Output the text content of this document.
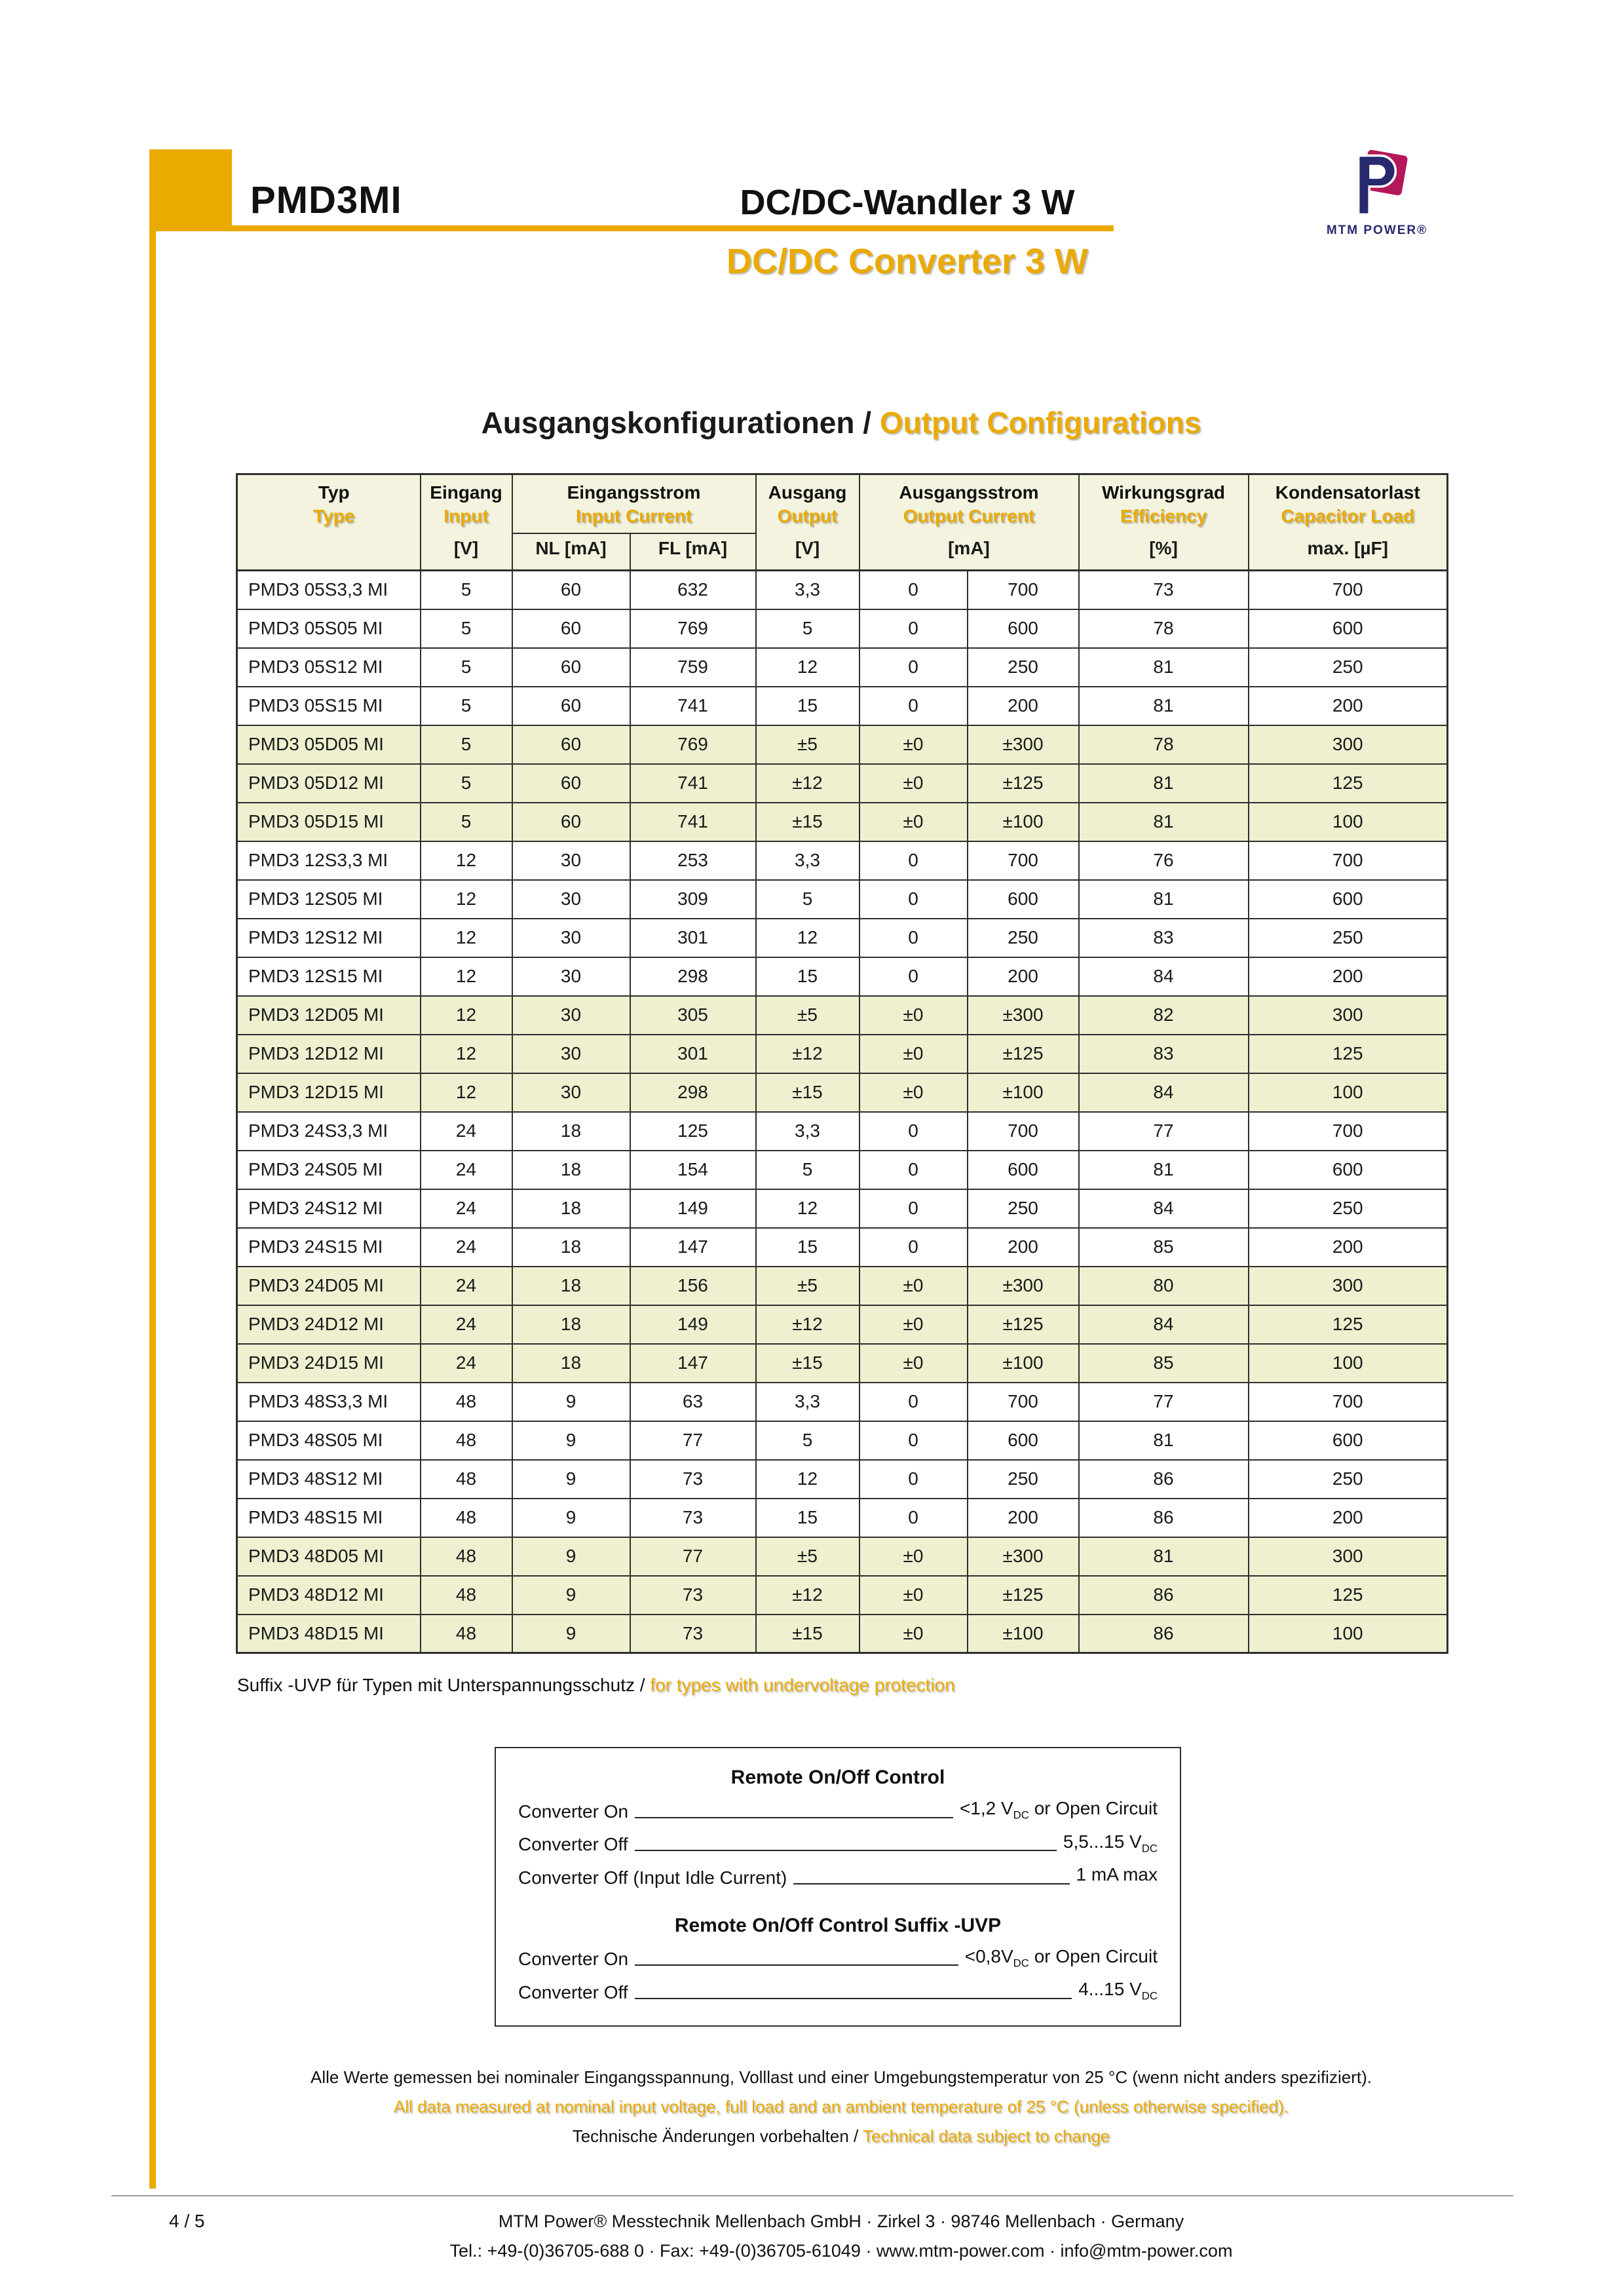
PMD3MI	DC/DC-Wandler 3 W
DC/DC Converter 3 W
MTM POWER®
Ausgangskonfigurationen / Output Configurations
Typ
Type

Eingang
Input

Eingangsstrom
Input Current

Ausgang
Output

Ausgangsstrom
Output Current

Wirkungsgrad
Efficiency

Kondensatorlast
Capacitor Load

	[V]	NL [mA]	FL [mA]	[V]	[mA]		[%]	max. [µF]
PMD3 05S3,3 MI	5	60	632	3,3	0	700	73	700
PMD3 05S05 MI	5	60	769	5	0	600	78	600
PMD3 05S12 MI	5	60	759	12	0	250	81	250
PMD3 05S15 MI	5	60	741	15	0	200	81	200
PMD3 05D05 MI	5	60	769	±5	±0	±300	78	300
PMD3 05D12 MI	5	60	741	±12	±0	±125	81	125
PMD3 05D15 MI	5	60	741	±15	±0	±100	81	100
PMD3 12S3,3 MI	12	30	253	3,3	0	700	76	700
PMD3 12S05 MI	12	30	309	5	0	600	81	600
PMD3 12S12 MI	12	30	301	12	0	250	83	250
PMD3 12S15 MI	12	30	298	15	0	200	84	200
PMD3 12D05 MI	12	30	305	±5	±0	±300	82	300
PMD3 12D12 MI	12	30	301	±12	±0	±125	83	125
PMD3 12D15 MI	12	30	298	±15	±0	±100	84	100
PMD3 24S3,3 MI	24	18	125	3,3	0	700	77	700
PMD3 24S05 MI	24	18	154	5	0	600	81	600
PMD3 24S12 MI	24	18	149	12	0	250	84	250
PMD3 24S15 MI	24	18	147	15	0	200	85	200
PMD3 24D05 MI	24	18	156	±5	±0	±300	80	300
PMD3 24D12 MI	24	18	149	±12	±0	±125	84	125
PMD3 24D15 MI	24	18	147	±15	±0	±100	85	100
PMD3 48S3,3 MI	48	9	63	3,3	0	700	77	700
PMD3 48S05 MI	48	9	77	5	0	600	81	600
PMD3 48S12 MI	48	9	73	12	0	250	86	250
PMD3 48S15 MI	48	9	73	15	0	200	86	200
PMD3 48D05 MI	48	9	77	±5	±0	±300	81	300
PMD3 48D12 MI	48	9	73	±12	±0	±125	86	125
PMD3 48D15 MI	48	9	73	±15	±0	±100	86	100
Suffix -UVP für Typen mit Unterspannungsschutz / for types with undervoltage protection
Remote On/Off Control
Converter On	<1,2 $V_{DC}$ or Open Circuit
Converter Off	5,5...15 $V_{DC}$
Converter Off (Input Idle Current)	1 mA max
Remote On/Off Control Suffix -UVP
Converter On	$<0,8V_{DC}$ or Open Circuit
Converter Off	4...15 $V_{DC}$
Alle Werte gemessen bei nominaler Eingangsspannung, Volllast und einer Umgebungstemperatur von 25 °C (wenn nicht anders spezifiziert).
All data measured at nominal input voltage, full load and an ambient temperature of 25 °C (unless otherwise specified).
Technische Änderungen vorbehalten / Technical data subject to change
4 / 5	MTM Power® Messtechnik Mellenbach GmbH · Zirkel 3 · 98746 Mellenbach · Germany
Tel.: +49-(0)36705-688 0 · Fax: +49-(0)36705-61049 · www.mtm-power.com · info@mtm-power.com
